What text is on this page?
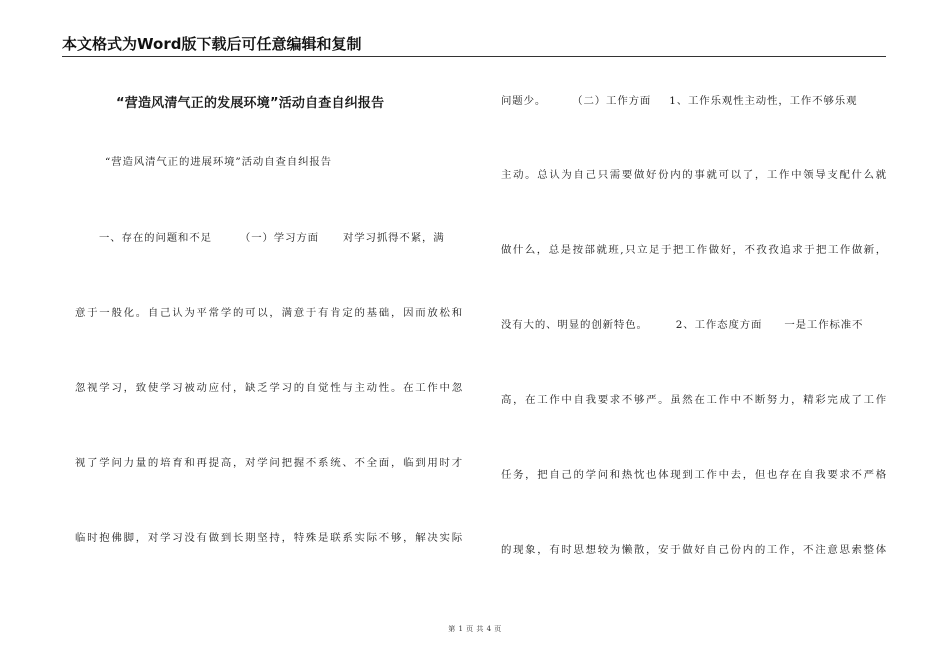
本文格式为Word版下载后可任意编辑和复制
“营造风清气正的发展环境”活动自查自纠报告
“营造风清气正的进展环境”活动自查自纠报告
一、存在的问题和不足	（一）学习方面 对学习抓得不紧，满
意于一般化。自己认为平常学的可以，满意于有肯定的基础，因而放松和
忽视学习，致使学习被动应付，缺乏学习的自觉性与主动性。在工作中忽
视了学问力量的培育和再提高，对学问把握不系统、不全面，临到用时才
临时抱佛脚，对学习没有做到长期坚持，特殊是联系实际不够，解决实际
问题少。	（二）工作方面 1、工作乐观性主动性，工作不够乐观
主动。总认为自己只需要做好份内的事就可以了，工作中领导支配什么就
做什么，总是按部就班,只立足于把工作做好，不孜孜追求于把工作做新，
没有大的、明显的创新特色。	2、工作态度方面 一是工作标准不
高，在工作中自我要求不够严。虽然在工作中不断努力，精彩完成了工作
任务，把自己的学问和热忱也体现到工作中去，但也存在自我要求不严格
的现象，有时思想较为懒散，安于做好自己份内的工作，不注意思索整体
第 1 页 共 4 页
